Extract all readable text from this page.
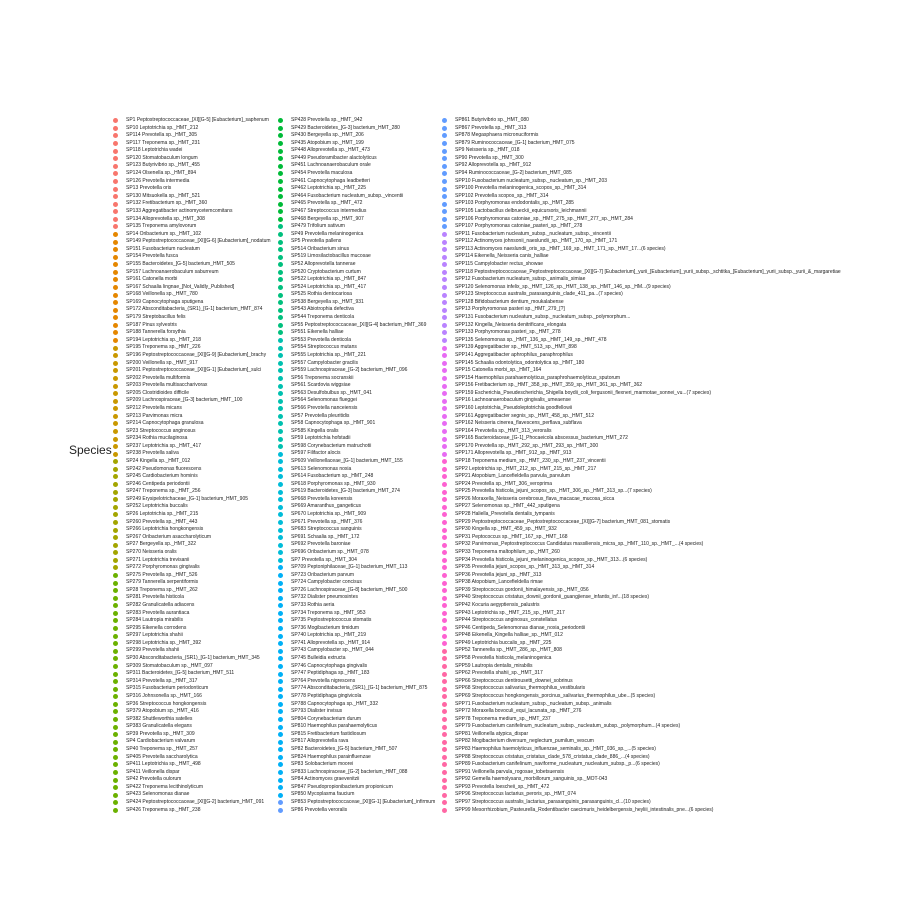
Species
SP1 Peptostreptococcaceae_[XI][G-5] [Eubacterium]_saphenum
SP10 Leptotrichia sp._HMT_212
SP114 Prevotella sp._HMT_305
SP117 Treponema sp._HMT_231
SP118 Leptotrichia wadei
SP120 Stomatobaculum longum
SP123 Butyrivibrio sp._HMT_455
SP124 Olsenella sp._HMT_894
SP126 Prevotella intermedia
SP13 Prevotella oris
SP130 Mitsuokella sp._HMT_521
SP132 Fretibacterium sp._HMT_360
SP133 Aggregatibacter actinomycetemcomitans
SP134 Alloprevotella sp._HMT_308
SP135 Treponema amylovorum
SP14 Oribacterium sp._HMT_102
SP149 Peptostreptococcaceae_[XI][G-6] [Eubacterium]_nodatum
SP151 Fusobacterium nucleatum
SP154 Prevotella fusca
SP155 Bacteroidetes_[G-5] bacterium_HMT_505
SP157 Lachnoanaerobaculum saburreum
SP161 Catonella morbi
SP167 Schaalia lingnae_[Not_Validly_Published]
SP168 Veillonella sp._HMT_780
SP169 Capnocytophaga sputigena
SP172 Absconditabacteria_(SR1)_[G-1] bacterium_HMT_874
SP179 Streptobacillus felis
SP187 Pinus sylvestris
SP188 Tannerella forsythia
SP194 Leptotrichia sp._HMT_218
SP195 Treponema sp._HMT_226
SP196 Peptostreptococcaceae_[XI][G-9] [Eubacterium]_brachy
SP200 Veillonella sp._HMT_917
SP201 Peptostreptococcaceae_[XI][G-1] [Eubacterium]_sulci
SP202 Prevotella multiformis
SP203 Prevotella multisaccharivorax
SP205 Clostridioides difficile
SP209 Lachnospiraceae_[G-3] bacterium_HMT_100
SP212 Prevotella micans
SP213 Parvimonas micra
SP214 Capnocytophaga granulosa
SP23 Streptococcus anginosus
SP234 Rothia mucilaginosa
SP237 Leptotrichia sp._HMT_417
SP238 Prevotella saliva
SP24 Kingella sp._HMT_012
SP242 Pseudomonas fluorescens
SP245 Cardiobacterium hominis
SP246 Centipeda periodontii
SP247 Treponema sp._HMT_256
SP249 Erysipelotrichaceae_[G-1] bacterium_HMT_905
SP252 Leptotrichia buccalis
SP26 Leptotrichia sp._HMT_215
SP260 Prevotella sp._HMT_443
SP266 Leptotrichia hongkongensis
SP267 Oribacterium asaccharolyticum
SP27 Bergeyella sp._HMT_322
SP270 Neisseria oralis
SP271 Leptotrichia trevisanii
SP272 Porphyromonas gingivalis
SP275 Prevotella sp._HMT_526
SP279 Tannerella serpentiformis
SP28 Treponema sp._HMT_262
SP281 Prevotella histicola
SP282 Granulicatella adiacens
SP283 Prevotella aurantiaca
SP284 Lautropia mirabilis
SP295 Eikenella corrodens
SP297 Leptotrichia shahii
SP298 Leptotrichia sp._HMT_392
SP299 Prevotella shahii
SP30 Absconditabacteria_(SR1)_[G-1] bacterium_HMT_345
SP309 Stomatobaculum sp._HMT_097
SP311 Bacteroidetes_[G-5] bacterium_HMT_511
SP314 Prevotella sp._HMT_317
SP315 Fusobacterium periodonticum
SP316 Johnsonella sp._HMT_166
SP36 Streptococcus hongkongensis
SP379 Atopobium sp._HMT_416
SP382 Shuttleworthia satelles
SP383 Granulicatella elegans
SP39 Prevotella sp._HMT_309
SP4 Cardiobacterium valvarum
SP40 Treponema sp._HMT_257
SP405 Prevotella saccharolytica
SP411 Leptotrichia sp._HMT_498
SP411 Veillonella dispar
SP42 Prevotella oulorum
SP422 Treponema lecithinolyticum
SP423 Selenomonas dianae
SP424 Peptostreptococcaceae_[XI][G-2] bacterium_HMT_091
SP426 Treponema sp._HMT_238
SP428 Prevotella sp._HMT_942
SP429 Bacteroidetes_[G-3] bacterium_HMT_280
SP430 Bergeyella sp._HMT_206
SP435 Atopobium sp._HMT_199
SP448 Alloprevotella sp._HMT_473
SP449 Pseudoramibacter alactolyticus
SP451 Lachnoanaerobaculum orale
SP454 Prevotella maculosa
SP461 Capnocytophaga leadbetteri
SP462 Leptotrichia sp._HMT_225
SP464 Fusobacterium nucleatum_subsp._vincentii
SP465 Prevotella sp._HMT_472
SP467 Streptococcus intermedius
SP468 Bergeyella sp._HMT_907
SP479 Trifolium sativum
SP49 Prevotella melaninogenica
SP5 Prevotella pallens
SP514 Oribacterium sinus
SP519 Limosilactobacillus mucosae
SP52 Alloprevotella tannerae
SP520 Cryptobacterium curtum
SP522 Leptotrichia sp._HMT_847
SP524 Leptotrichia sp._HMT_417
SP525 Rothia dentocariosa
SP538 Bergeyella sp._HMT_931
SP543 Abiotrophia defectiva
SP544 Treponema denticola
SP55 Peptostreptococcaceae_[XI][G-4] bacterium_HMT_369
SP551 Eikenella halliae
SP553 Prevotella denticola
SP554 Streptococcus mutans
SP555 Leptotrichia sp._HMT_221
SP557 Campylobacter gracilis
SP559 Lachnospiraceae_[G-2] bacterium_HMT_096
SP56 Treponema socranskii
SP561 Scardovia wiggsiae
SP563 Desulfobulbus sp._HMT_041
SP564 Selenomonas flueggei
SP566 Prevotella nanceiensis
SP57 Prevotella pleuritidis
SP58 Capnocytophaga sp._HMT_901
SP585 Kingella oralis
SP59 Leptotrichia hofstadii
SP598 Corynebacterium matruchotii
SP597 Filifactor alocis
SP609 Veillonellaceae_[G-1] bacterium_HMT_155
SP613 Selenomonas noxia
SP614 Fusobacterium sp._HMT_248
SP618 Porphyromonas sp._HMT_930
SP619 Bacteroidetes_[G-3] bacterium_HMT_274
SP668 Prevotella koreensis
SP669 Amaranthus_gangeticus
SP670 Leptotrichia sp._HMT_909
SP671 Prevotella sp._HMT_376
SP683 Streptococcus sanguinis
SP691 Schaalia sp._HMT_172
SP692 Prevotella baroniae
SP696 Oribacterium sp._HMT_078
SP7 Prevotella sp._HMT_304
SP709 Peptoniphilaceae_[G-1] bacterium_HMT_113
SP723 Oribacterium parvum
SP724 Campylobacter concisus
SP726 Lachnospiraceae_[G-8] bacterium_HMT_500
SP732 Dialister pneumosintes
SP733 Rothia aeria
SP734 Treponema sp._HMT_953
SP735 Peptostreptococcus stomatis
SP736 Mogibacterium timidum
SP740 Leptotrichia sp._HMT_219
SP741 Alloprevotella sp._HMT_914
SP743 Campylobacter sp._HMT_044
SP745 Bulleidia extructa
SP746 Capnocytophaga gingivalis
SP747 Peptidiphaga sp._HMT_183
SP764 Prevotella nigrescens
SP774 Absconditabacteria_(SR1)_[G-1] bacterium_HMT_875
SP778 Peptidiphaga gingivicola
SP788 Capnocytophaga sp._HMT_332
SP793 Dialister invisus
SP804 Corynebacterium durum
SP810 Haemophilus parahaemolyticus
SP815 Fretibacterium fastidiosum
SP817 Alloprevotella rava
SP82 Bacteroidetes_[G-5] bacterium_HMT_507
SP824 Haemophilus parainfluenzae
SP83 Solobacterium moorei
SP833 Lachnospiraceae_[G-2] bacterium_HMT_088
SP84 Actinomyces graevenitzii
SP847 Pseudopropionibacterium propionicum
SP850 Mycoplasma faucium
SP853 Peptostreptococcaceae_[XI][G-1] [Eubacterium]_infirmum
SP86 Prevotella veroralis
SP861 Butyrivibrio sp._HMT_080
SP867 Prevotella sp._HMT_313
SP878 Megasphaera micronuciformis
SP879 Ruminococcaceae_[G-1] bacterium_HMT_075
SP9 Neisseria sp._HMT_018
SP90 Prevotella sp._HMT_300
SP92 Alloprevotella sp._HMT_912
SP94 Ruminococcaceae_[G-2] bacterium_HMT_085
SPP10 Fusobacterium nucleatum_subsp._nucleatum_sp._HMT_203
SPP100 Prevotella melaninogenica_scopos_sp._HMT_314
SPP102 Prevotella scopos_sp._HMT_314
SPP103 Porphyromonas endodontalis_sp._HMT_285
SPP105 Lactobacillus delbrueckii_equicursoris_leichmannii
SPP106 Porphyromonas catoniae_sp._HMT_275_sp._HMT_277_sp._HMT_284
SPP107 Porphyromonas catoniae_pasteri_sp._HMT_278
SPP11 Fusobacterium nucleatum_subsp._nucleatum_subsp._vincentii
SPP112 Actinomyces johnsonii_naeslundii_sp._HMT_170_sp._HMT_171
SPP113 Actinomyces naeslundii_oris_sp._HMT_169_sp._HMT_171_sp._HMT_17...(6 species)
SPP114 Eikenella_Neisseria canis_halliae
SPP115 Campylobacter rectus_showae
SPP118 Peptostreptococcaceae_Peptostreptococcaceae_[XI][G-7] [Eubacterium]_yurii_[Eubacterium]_yurii_subsp._schtitka_[Eubacterium]_yurii_subsp._yurii_&_margaretiae
SPP12 Fusobacterium nucleatum_subsp._animalis_simiae
SPP120 Selenomonas infelix_sp._HMT_126_sp._HMT_138_sp._HMT_146_sp._HM...(9 species)
SPP123 Streptococcus australis_parasanguinis_clade_411_pa...(7 species)
SPP128 Bifidobacterium dentium_moukalabense
SPP13 Porphyromonas pasteri sp._HMT_279_[?]
SPP131 Fusobacterium nucleatum_subsp._nucleatum_subsp._polymorphum...
SPP132 Kingella_Neisseria denitrificans_elongata
SPP133 Porphyromonas pasteri_sp._HMT_278
SPP135 Selenomonas sp._HMT_136_sp._HMT_149_sp._HMT_478
SPP139 Aggregatibacter sp._HMT_513_sp._HMT_898
SPP141 Aggregatibacter aphrophilus_paraphrophilus
SPP145 Schaalia odontolytica_odontolytica sp._HMT_180
SPP15 Catonella morbi_sp._HMT_164
SPP154 Haemophilus parahaemolyticus_paraphrohaemolyticus_sputorum
SPP156 Fretibacterium sp._HMT_358_sp._HMT_359_sp._HMT_361_sp._HMT_362
SPP159 Escherichia_Pseudescherichia_Shigella boydii_coli_fergusonii_flexneri_marmotae_sonnei_vu...(7 species)
SPP16 Lachnoanaerobaculum gingivalis_umeaense
SPP160 Leptotrichia_Pseudoleptotrichia goodfellowii
SPP161 Aggregatibacter segnis_sp._HMT_458_sp._HMT_512
SPP162 Neisseria cinerea_flavescens_perflava_subflava
SPP164 Prevotella sp._HMT_313_veroralis
SPP165 Bacteroidaceae_[G-1]_Phocaeicola abscessus_bacterium_HMT_272
SPP170 Prevotella sp._HMT_292_sp._HMT_293_sp._HMT_300
SPP171 Alloprevotella sp._HMT_912_sp._HMT_913
SPP18 Treponema medium_sp._HMT_230_sp._HMT_237_vincentii
SPP2 Leptotrichia sp._HMT_212_sp._HMT_215_sp._HMT_217
SPP21 Atopobium_Lancefieldella parvula_parvulum
SPP24 Prevotella sp._HMT_306_veroprima
SPP25 Prevotella histicola_jejuni_scopos_sp._HMT_306_sp._HMT_313_sp...(7 species)
SPP26 Moraxella_Neisseria cerebrosus_flava_macacae_mucosa_sicca
SPP27 Selenomonas sp._HMT_442_sputigena
SPP28 Haliella_Prevotella dentalis_tympanis
SPP29 Peptostreptococcaceae_Peptostreptococcaceae_[XI][G-7] bacterium_HMT_081_stomatis
SPP30 Kingella sp._HMT_459_sp._HMT_932
SPP31 Peptococcus sp._HMT_167_sp._HMT_168
SPP32 Parvimonas_Peptostreptococcus Candidatus massiliensis_micra_sp._HMT_110_sp._HMT_...(4 species)
SPP33 Treponema maltophilum_sp._HMT_260
SPP34 Prevotella histicola_jejuni_melaninogenica_scopos_sp._HMT_313...(6 species)
SPP35 Prevotella jejuni_scopos_sp._HMT_313_sp._HMT_314
SPP36 Prevotella jejuni_sp._HMT_313
SPP38 Atopobium_Lancefieldella rimae
SPP39 Streptococcus gordonii_himalayensis_sp._HMT_056
SPP40 Streptococcus cristatus_downii_gordonii_guangjiense_infantis_inf...(18 species)
SPP42 Kocuria aegyptiensis_palustris
SPP43 Leptotrichia sp._HMT_215_sp._HMT_217
SPP44 Streptococcus anginosus_constellatus
SPP46 Centipeda_Selenomonas dianae_noxia_periodontii
SPP48 Eikenella_Kingella halliae_sp._HMT_012
SPP49 Leptotrichia buccalis_sp._HMT_225
SPP52 Tannerella sp._HMT_286_sp._HMT_808
SPP58 Prevotella histicola_melaninogenica
SPP59 Lautropia dentalis_mirabilis
SPP62 Prevotella shahii_sp._HMT_317
SPP66 Streptococcus dentirousetti_downei_sobrinus
SPP68 Streptococcus salivarius_thermophilus_vestibularis
SPP69 Streptococcus hongkongensis_porcinus_salivarius_thermophilus_ube...(5 species)
SPP71 Fusobacterium nucleatum_subsp._nucleatum_subsp._animalis
SPP72 Moraxella bovoculi_equi_lacunata_sp._HMT_276
SPP78 Treponema medium_sp._HMT_237
SPP79 Fusobacterium canifelinum_nucleatum_subsp._nucleatum_subsp._polymorphum...(4 species)
SPP81 Veillonella atypica_dispar
SPP82 Mogibacterium diversum_neglectum_pumilum_vescum
SPP83 Haemophilus haemolyticus_influenzae_seminalis_sp._HMT_036_sp._...(5 species)
SPP88 Streptococcus cristatus_cristatus_clade_578_cristatus_clade_886_...(4 species)
SPP89 Fusobacterium canifelinum_naviforme_nucleatum_nucleatum_subsp._p...(6 species)
SPP91 Veillonella parvula_rogosae_tobetsuensis
SPP92 Gemella haemolysans_morbillorum_sanguinis_sp._MOT-043
SPP93 Prevotella loescheii_sp._HMT_472
SPP96 Streptococcus lactarius_peroris_sp._HMT_074
SPP97 Streptococcus australis_lactarius_parasanguinis_parasanguinis_cl...(10 species)
SPP99 Mesorrhizobium_Pasteurella_Rodentibacter caecimuris_heidelbergensis_heyliii_intestinalis_pne...(6 species)
